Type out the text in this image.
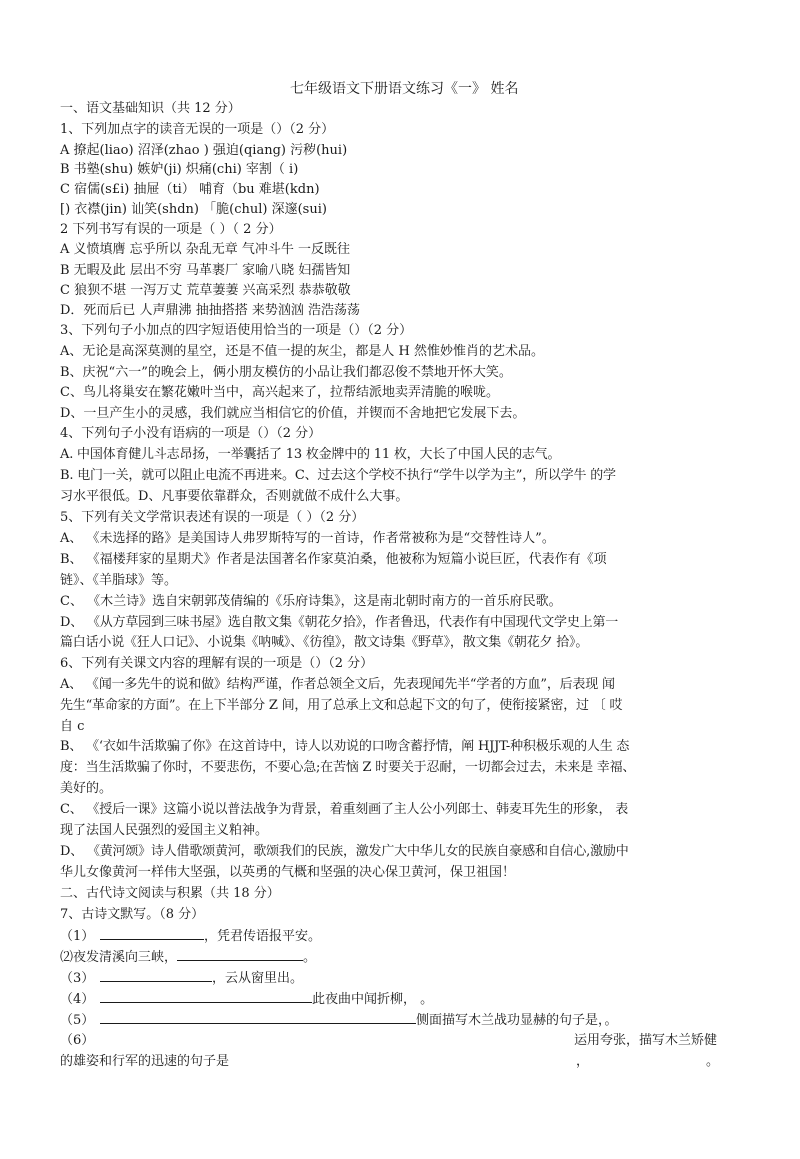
七年级语文下册语文练习《一》 姓名
一、语文基础知识（共 12 分）
1、下列加点字的读音无误的一项是（）（2 分）
A 撩起(liao) 沼泽(zhao ) 强迫(qiang) 污秽(hui)
B 书塾(shu) 嫉妒(ji) 炽痛(chi) 宰割（ i)
C 宿儒(s£i) 抽屉（ti） 哺育（bu 难堪(kdn)
[) 衣襟(jin) 讪笑(shdn) 「脆(chul) 深邃(sui)
2 下列书写有误的一项是（ ）（ 2 分）
A 义愤填膺 忘乎所以 杂乱无章 气冲斗牛 一反既往
B 无暇及此 层出不穷 马革裹厂 家喻八晓 妇孺皆知
C 狼狈不堪 一泻万丈 荒草萋萋 兴高采烈 恭恭敬敬
D．死而后已 人声鼎沸 抽抽搭搭 来势汹汹 浩浩荡荡
3、下列句子小加点的四字短语使用恰当的一项是（）（2 分）
A、无论是高深莫测的星空，还是不值一提的灰尘，都是人 H 然惟妙惟肖的艺术品。
B、庆祝“六一”的晚会上，俩小朋友模仿的小品让我们都忍俊不禁地开怀大笑。
C、鸟儿将巢安在繁花嫩叶当中，高兴起来了，拉帮结派地卖弄清脆的喉咙。
D、一旦产生小的灵感，我们就应当相信它的价值，并锲而不舍地把它发展下去。
4、下列句子小没有语病的一项是（）（2 分）
A. 中国体育健儿斗志昂扬，一举囊括了 13 枚金牌中的 11 枚，大长了中国人民的志气。
B. 电门一关，就可以阻止电流不再进来。C、过去这个学校不执行“学牛以学为主”，所以学牛 的学
习水平很低。D、凡事要依靠群众，否则就做不成什么大事。
5、下列有关文学常识表述有误的一项是（ ）（2 分）
A、 《未选择的路》是美国诗人弗罗斯特写的一首诗，作者常被称为是“交替性诗人”。
B、 《福楼拜家的星期犬》作者是法国著名作家莫泊桑，他被称为短篇小说巨匠，代表作有《项
链》、《羊脂球》等。
C、 《木兰诗》选自宋朝郭茂倩编的《乐府诗集》，这是南北朝时南方的一首乐府民歌。
D、 《从方草园到三味书屋》选自散文集《朝花夕拾》，作者鲁迅，代表作有中国现代文学史上第一
篇白话小说《狂人口记》、小说集《呐喊》、《彷徨》，散文诗集《野草》，散文集《朝花夕 拾》。
6、下列有关课文内容的理解有误的一项是（）（2 分）
A、 《闻一多先牛的说和做》结构严谨，作者总领全文后，先表现闻先半“学者的方血”，后表现 闻
先生“革命家的方面”。在上下半部分 Z 间，用了总承上文和总起下文的句了，使衔接紧密，过 〔 哎
自 c
B、 《‘衣如牛活欺骗了你》在这首诗中，诗人以劝说的口吻含蓄抒情，阐 HJJT-种积极乐观的人生 态
度：当生活欺骗了你时，不要悲伤，不要心急;在苦恼 Z 时要关于忍耐，一切都会过去，未来是 幸福、
美好的。
C、 《授后一课》这篇小说以普法战争为背景，着重刻画了主人公小列郎士、韩麦耳先生的形象， 表
现了法国人民强烈的爱国主义粕神。
D、 《黄河颂》诗人借歌颂黄河，歌颂我们的民族，激发广大中华儿女的民族自豪感和自信心,激励中
华儿女像黄河一样伟大坚强，以英勇的气概和坚强的决心保卫黄河，保卫祖国！
二、古代诗文阅读与积累（共 18 分）
7、古诗文默写。（8 分）
（1）	，凭君传语报平安。
⑵夜发清溪向三峡，	。
（3）	，云从窗里出。
（4）	此夜曲中闻折柳， 。
（5）	侧面描写木兰战功显赫的句子是，。
（6）	运用夸张，描写木兰矫健
的雄姿和行军的迅速的句子是	，	。
